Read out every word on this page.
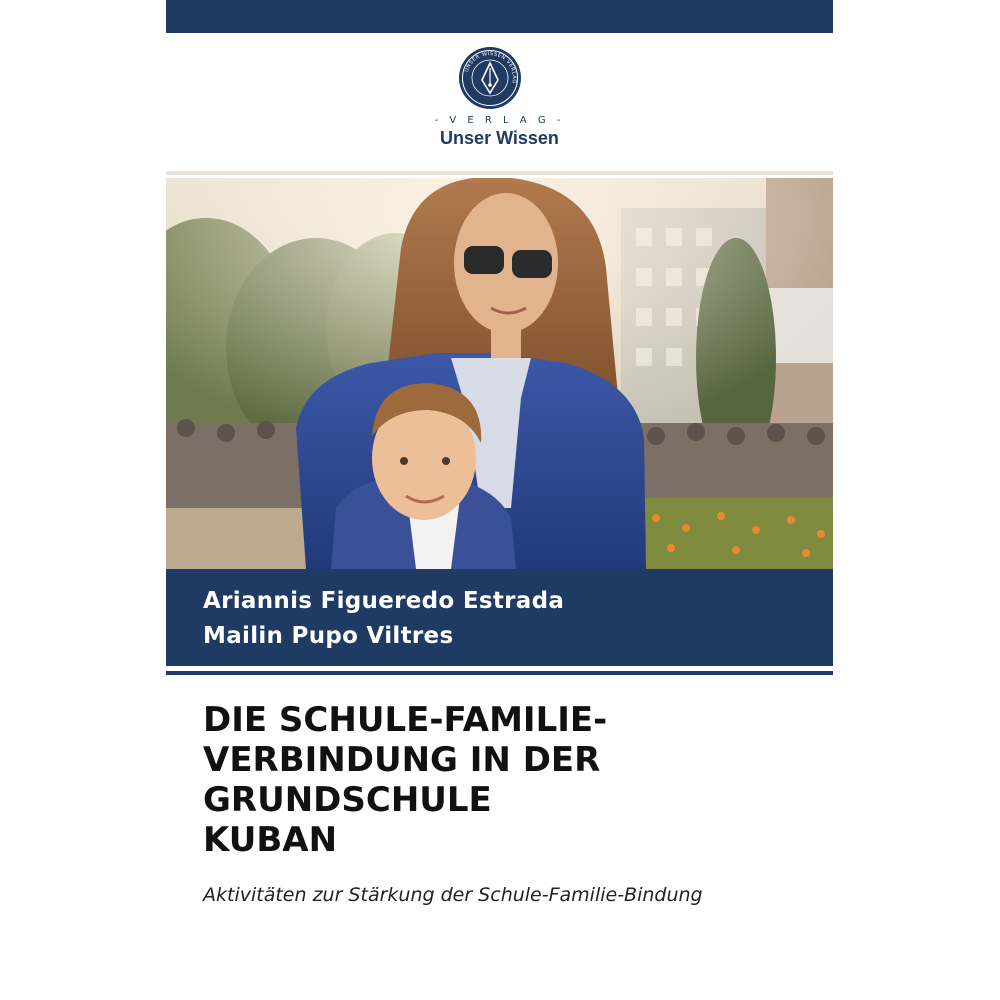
UNSER WISSEN VERLAG
- V E R L A G -
Unser Wissen
Ariannis Figueredo Estrada
Mailin Pupo Viltres
DIE SCHULE-FAMILIE-
VERBINDUNG IN DER
GRUNDSCHULE
KUBAN
Aktivitäten zur Stärkung der Schule-Familie-Bindung
